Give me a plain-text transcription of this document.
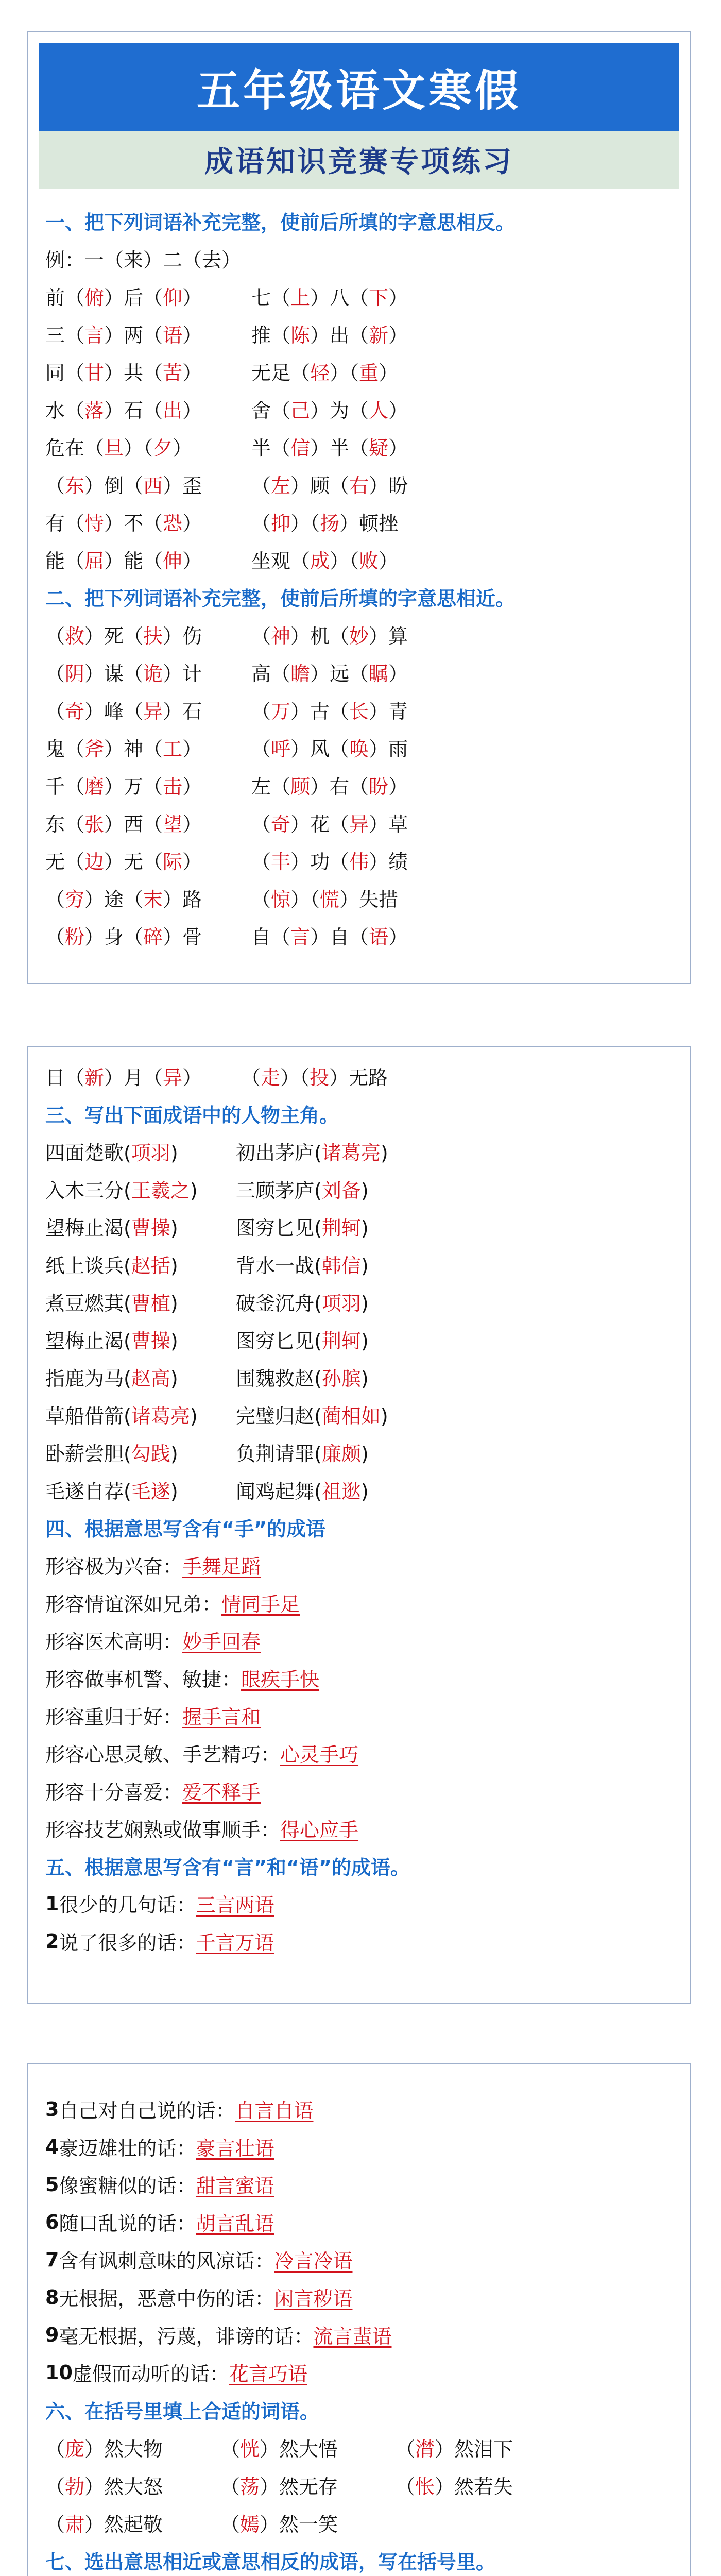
五年级语文寒假
成语知识竞赛专项练习
一、把下列词语补充完整，使前后所填的字意思相反。
例：一（来）二（去）
前（俯）后（仰）	七（上）八（下）
三（言）两（语）	推（陈）出（新）
同（甘）共（苦）	无足（轻）（重）
水（落）石（出）	舍（己）为（人）
危在（旦）（夕）	半（信）半（疑）
（东）倒（西）歪	（左）顾（右）盼
有（恃）不（恐）	（抑）（扬）顿挫
能（屈）能（伸）	坐观（成）（败）
二、把下列词语补充完整，使前后所填的字意思相近。
（救）死（扶）伤	（神）机（妙）算
（阴）谋（诡）计	高（瞻）远（瞩）
（奇）峰（异）石	（万）古（长）青
鬼（斧）神（工）	（呼）风（唤）雨
千（磨）万（击）	左（顾）右（盼）
东（张）西（望）	（奇）花（异）草
无（边）无（际）	（丰）功（伟）绩
（穷）途（末）路	（惊）（慌）失措
（粉）身（碎）骨	自（言）自（语）
日（新）月（异） （走）（投）无路
三、写出下面成语中的人物主角。
四面楚歌(项羽)	初出茅庐(诸葛亮)
入木三分(王羲之) 三顾茅庐(刘备)
望梅止渴(曹操)	图穷匕见(荆轲)
纸上谈兵(赵括)	背水一战(韩信)
煮豆燃萁(曹植)	破釜沉舟(项羽)
望梅止渴(曹操)	图穷匕见(荆轲)
指鹿为马(赵高)	围魏救赵(孙膑)
草船借箭(诸葛亮) 完璧归赵(蔺相如)
卧薪尝胆(勾践)	负荆请罪(廉颇)
毛遂自荐(毛遂)	闻鸡起舞(祖逖)
四、根据意思写含有“手”的成语
形容极为兴奋： 手舞足蹈
形容情谊深如兄弟： 情同手足
形容医术高明： 妙手回春
形容做事机警、敏捷： 眼疾手快
形容重归于好： 握手言和
形容心思灵敏、手艺精巧： 心灵手巧
形容十分喜爱： 爱不释手
形容技艺娴熟或做事顺手： 得心应手
五、根据意思写含有“言”和“语”的成语。
1 很少的几句话： 三言两语
2 说了很多的话： 千言万语
3 自己对自己说的话： 自言自语
4 豪迈雄壮的话： 豪言壮语
5 像蜜糖似的话： 甜言蜜语
6 随口乱说的话： 胡言乱语
7 含有讽刺意味的风凉话： 冷言冷语
8 无根据，恶意中伤的话： 闲言秽语
9 毫无根据，污蔑，诽谤的话： 流言蜚语
10 虚假而动听的话： 花言巧语
六、在括号里填上合适的词语。
（庞）然大物	（恍）然大悟	（潸）然泪下
（勃）然大怒	（荡）然无存	（怅）然若失
（肃）然起敬	（嫣）然一笑
七、选出意思相近或意思相反的成语，写在括号里。
